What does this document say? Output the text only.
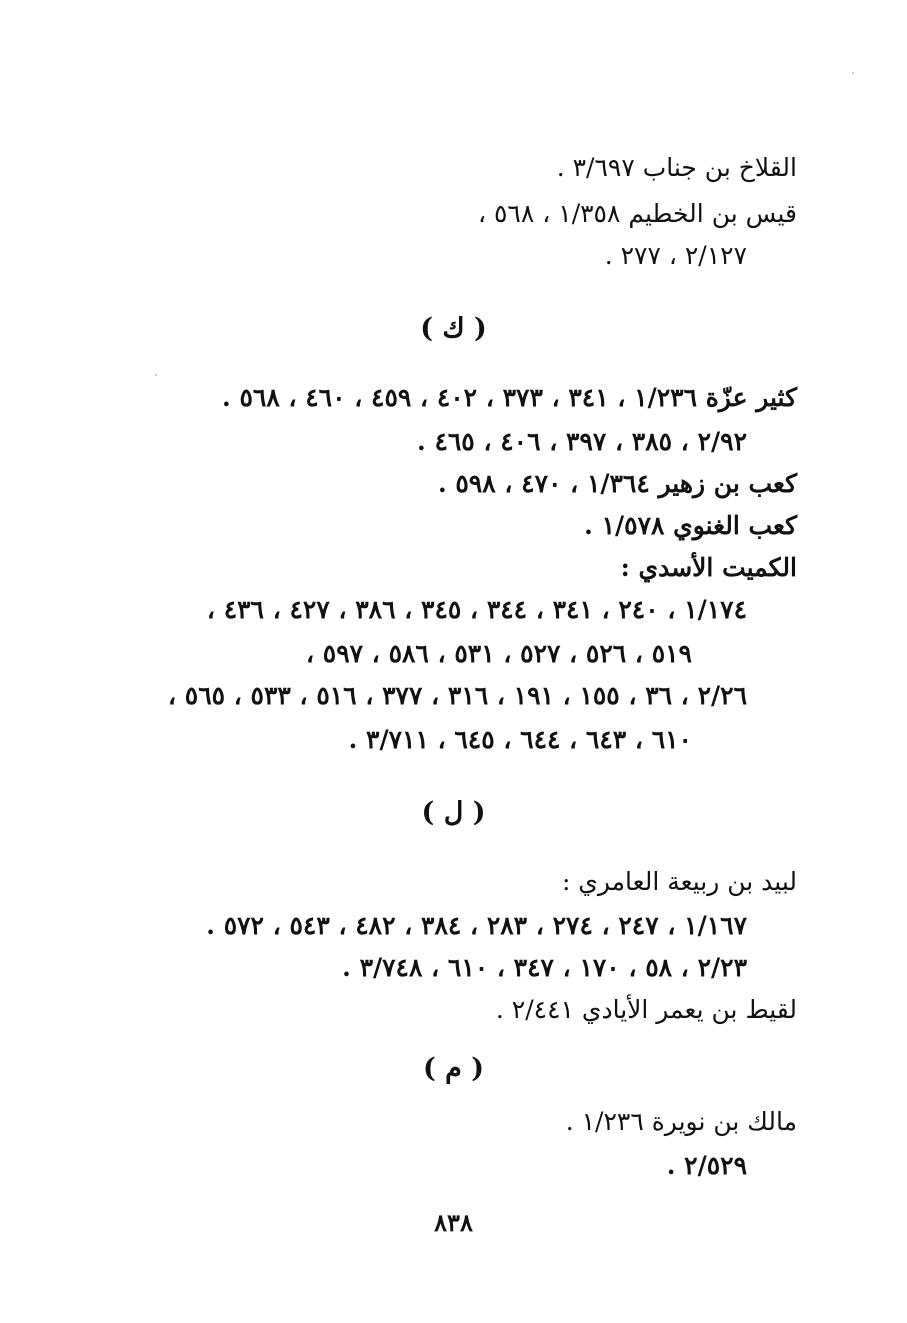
القلاخ بن جناب ٣/٦٩٧ .
قيس بن الخطيم ١/٣٥٨ ، ٥٦٨ ،
٢/١٢٧ ، ٢٧٧ .
( ك )
كثير عزّة ١/٢٣٦ ، ٣٤١ ، ٣٧٣ ، ٤٠٢ ، ٤٥٩ ، ٤٦٠ ، ٥٦٨ .
٢/٩٢ ، ٣٨٥ ، ٣٩٧ ، ٤٠٦ ، ٤٦٥ .
كعب بن زهير ١/٣٦٤ ، ٤٧٠ ، ٥٩٨ .
كعب الغنوي ١/٥٧٨ .
الكميت الأسدي :
١/١٧٤ ، ٢٤٠ ، ٣٤١ ، ٣٤٤ ، ٣٤٥ ، ٣٨٦ ، ٤٢٧ ، ٤٣٦ ،
٥١٩ ، ٥٢٦ ، ٥٢٧ ، ٥٣١ ، ٥٨٦ ، ٥٩٧ ،
٢/٢٦ ، ٣٦ ، ١٥٥ ، ١٩١ ، ٣١٦ ، ٣٧٧ ، ٥١٦ ، ٥٣٣ ، ٥٦٥ ،
٦١٠ ، ٦٤٣ ، ٦٤٤ ، ٦٤٥ ، ٣/٧١١ .
( ل )
لبيد بن ربيعة العامري :
١/١٦٧ ، ٢٤٧ ، ٢٧٤ ، ٢٨٣ ، ٣٨٤ ، ٤٨٢ ، ٥٤٣ ، ٥٧٢ .
٢/٢٣ ، ٥٨ ، ١٧٠ ، ٣٤٧ ، ٦١٠ ، ٣/٧٤٨ .
لقيط بن يعمر الأيادي ٢/٤٤١ .
( م )
مالك بن نويرة ١/٢٣٦ .
٢/٥٢٩ .
٨٣٨
